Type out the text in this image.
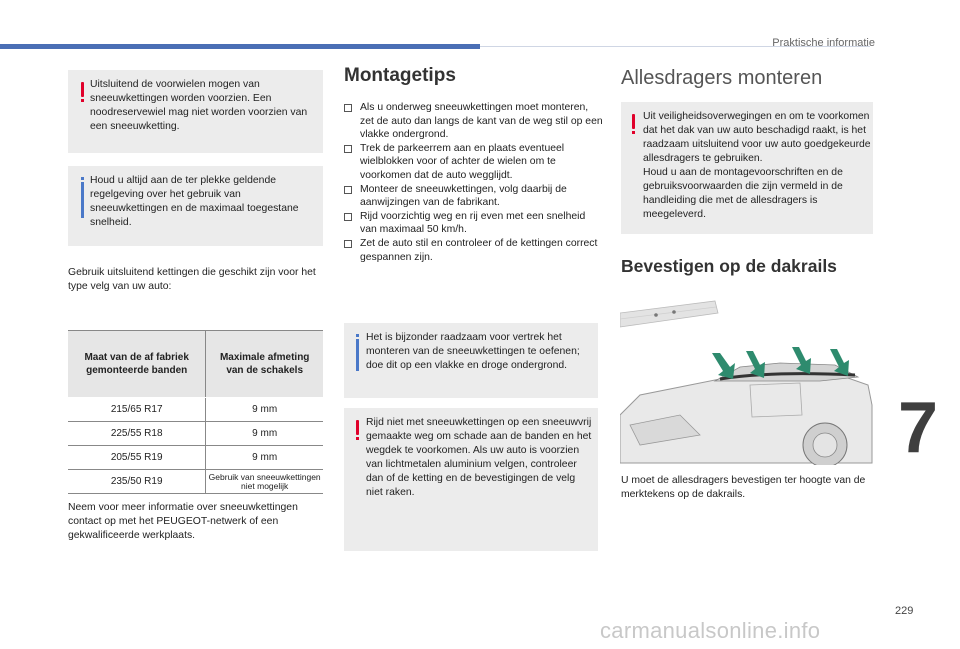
Praktische informatie
Uitsluitend de voorwielen mogen van sneeuwkettingen worden voorzien. Een noodreservewiel mag niet worden voorzien van een sneeuwketting.
Houd u altijd aan de ter plekke geldende regelgeving over het gebruik van sneeuwkettingen en de maximaal toegestane snelheid.
Gebruik uitsluitend kettingen die geschikt zijn voor het type velg van uw auto:
Maat van de af fabriek gemonteerde banden	Maximale afmeting van de schakels
215/65 R17	9 mm
225/55 R18	9 mm
205/55 R19	9 mm
235/50 R19	Gebruik van sneeuwkettingen niet mogelijk
Neem voor meer informatie over sneeuwkettingen contact op met het PEUGEOT-netwerk of een gekwalificeerde werkplaats.
Montagetips
Als u onderweg sneeuwkettingen moet monteren, zet de auto dan langs de kant van de weg stil op een vlakke ondergrond.
Trek de parkeerrem aan en plaats eventueel wielblokken voor of achter de wielen om te voorkomen dat de auto wegglijdt.
Monteer de sneeuwkettingen, volg daarbij de aanwijzingen van de fabrikant.
Rijd voorzichtig weg en rij even met een snelheid van maximaal 50 km/h.
Zet de auto stil en controleer of de kettingen correct gespannen zijn.
Het is bijzonder raadzaam voor vertrek het monteren van de sneeuwkettingen te oefenen; doe dit op een vlakke en droge ondergrond.
Rijd niet met sneeuwkettingen op een sneeuwvrij gemaakte weg om schade aan de banden en het wegdek te voorkomen. Als uw auto is voorzien van lichtmetalen aluminium velgen, controleer dan of de ketting en de bevestigingen de velg niet raken.
Allesdragers monteren
Uit veiligheidsoverwegingen en om te voorkomen dat het dak van uw auto beschadigd raakt, is het raadzaam uitsluitend voor uw auto goedgekeurde allesdragers te gebruiken.
Houd u aan de montagevoorschriften en de gebruiksvoorwaarden die zijn vermeld in de handleiding die met de allesdragers is meegeleverd.
Bevestigen op de dakrails
U moet de allesdragers bevestigen ter hoogte van de merktekens op de dakrails.
7
229
carmanualsonline.info
